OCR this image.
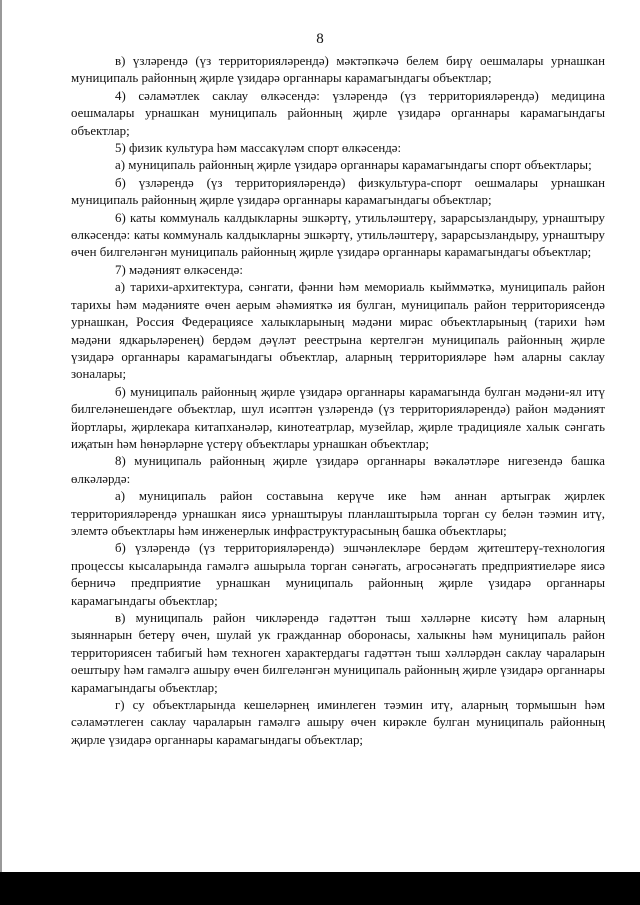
8

в) үзләрендә (үз территорияләрендә) мәктәпкәчә белем бирү оешмалары урнашкан муниципаль районның җирле үзидарә органнары карамагындагы объектлар;

4) сәламәтлек саклау өлкәсендә: үзләрендә (үз территорияләрендә) медицина оешмалары урнашкан муниципаль районның җирле үзидарә органнары карамагындагы объектлар;

5) физик культура һәм массакүләм спорт өлкәсендә:

а) муниципаль районның җирле үзидарә органнары карамагындагы спорт объектлары;

б) үзләрендә (үз территорияләрендә) физкультура-спорт оешмалары урнашкан муниципаль районның җирле үзидарә органнары карамагындагы объектлар;

6) каты коммуналь калдыкларны эшкәртү, утильләштерү, зарарсызландыру, урнаштыру өлкәсендә: каты коммуналь калдыкларны эшкәртү, утильләштерү, зарарсызландыру, урнаштыру өчен билгеләнгән муниципаль районның җирле үзидарә органнары карамагындагы объектлар;

7) мәдәният өлкәсендә:

а) тарихи-архитектура, сәнгати, фәнни һәм мемориаль кыйммәткә, муниципаль район тарихы һәм мәдәнияте өчен аерым әһәмияткә ия булган, муниципаль район территориясендә урнашкан, Россия Федерациясе халыкларының мәдәни мирас объектларының (тарихи һәм мәдәни ядкарьләренең) бердәм дәүләт реестрына кертелгән муниципаль районның җирле үзидарә органнары карамагындагы объектлар, аларның территорияләре һәм аларны саклау зоналары;

б) муниципаль районның җирле үзидарә органнары карамагында булган мәдәни-ял итү билгеләнешендәге объектлар, шул исәптән үзләрендә (үз территорияләрендә) район мәдәният йортлары, җирлекара китапханәләр, кинотеатрлар, музейлар, җирле традицияле халык сәнгать иҗатын һәм һөнәрләрне үстерү объектлары урнашкан объектлар;

8) муниципаль районның җирле үзидарә органнары вәкаләтләре нигезендә башка өлкәләрдә:

а) муниципаль район составына керүче ике һәм аннан артыграк җирлек территорияләрендә урнашкан яисә урнаштыруы планлаштырыла торган су белән тәэмин итү, элемтә объектлары һәм инженерлык инфраструктурасының башка объектлары;

б) үзләрендә (үз территорияләрендә) эшчәнлекләре бердәм җитештерү-технология процессы кысаларында гамәлгә ашырыла торган сәнәгать, агросәнәгать предприятиеләре яисә берничә предприятие урнашкан муниципаль районның җирле үзидарә органнары карамагындагы объектлар;

в) муниципаль район чикләрендә гадәттән тыш хәлләрне кисәтү һәм аларның зыяннарын бетерү өчен, шулай ук гражданнар оборонасы, халыкны һәм муниципаль район территориясен табигый һәм техноген характердагы гадәттән тыш хәлләрдән саклау чараларын оештыру һәм гамәлгә ашыру өчен билгеләнгән муниципаль районның җирле үзидарә органнары карамагындагы объектлар;

г) су объектларында кешеләрнең иминлеген тәэмин итү, аларның тормышын һәм сәламәтлеген саклау чараларын гамәлгә ашыру өчен кирәкле булган муниципаль районның җирле үзидарә органнары карамагындагы объектлар;
